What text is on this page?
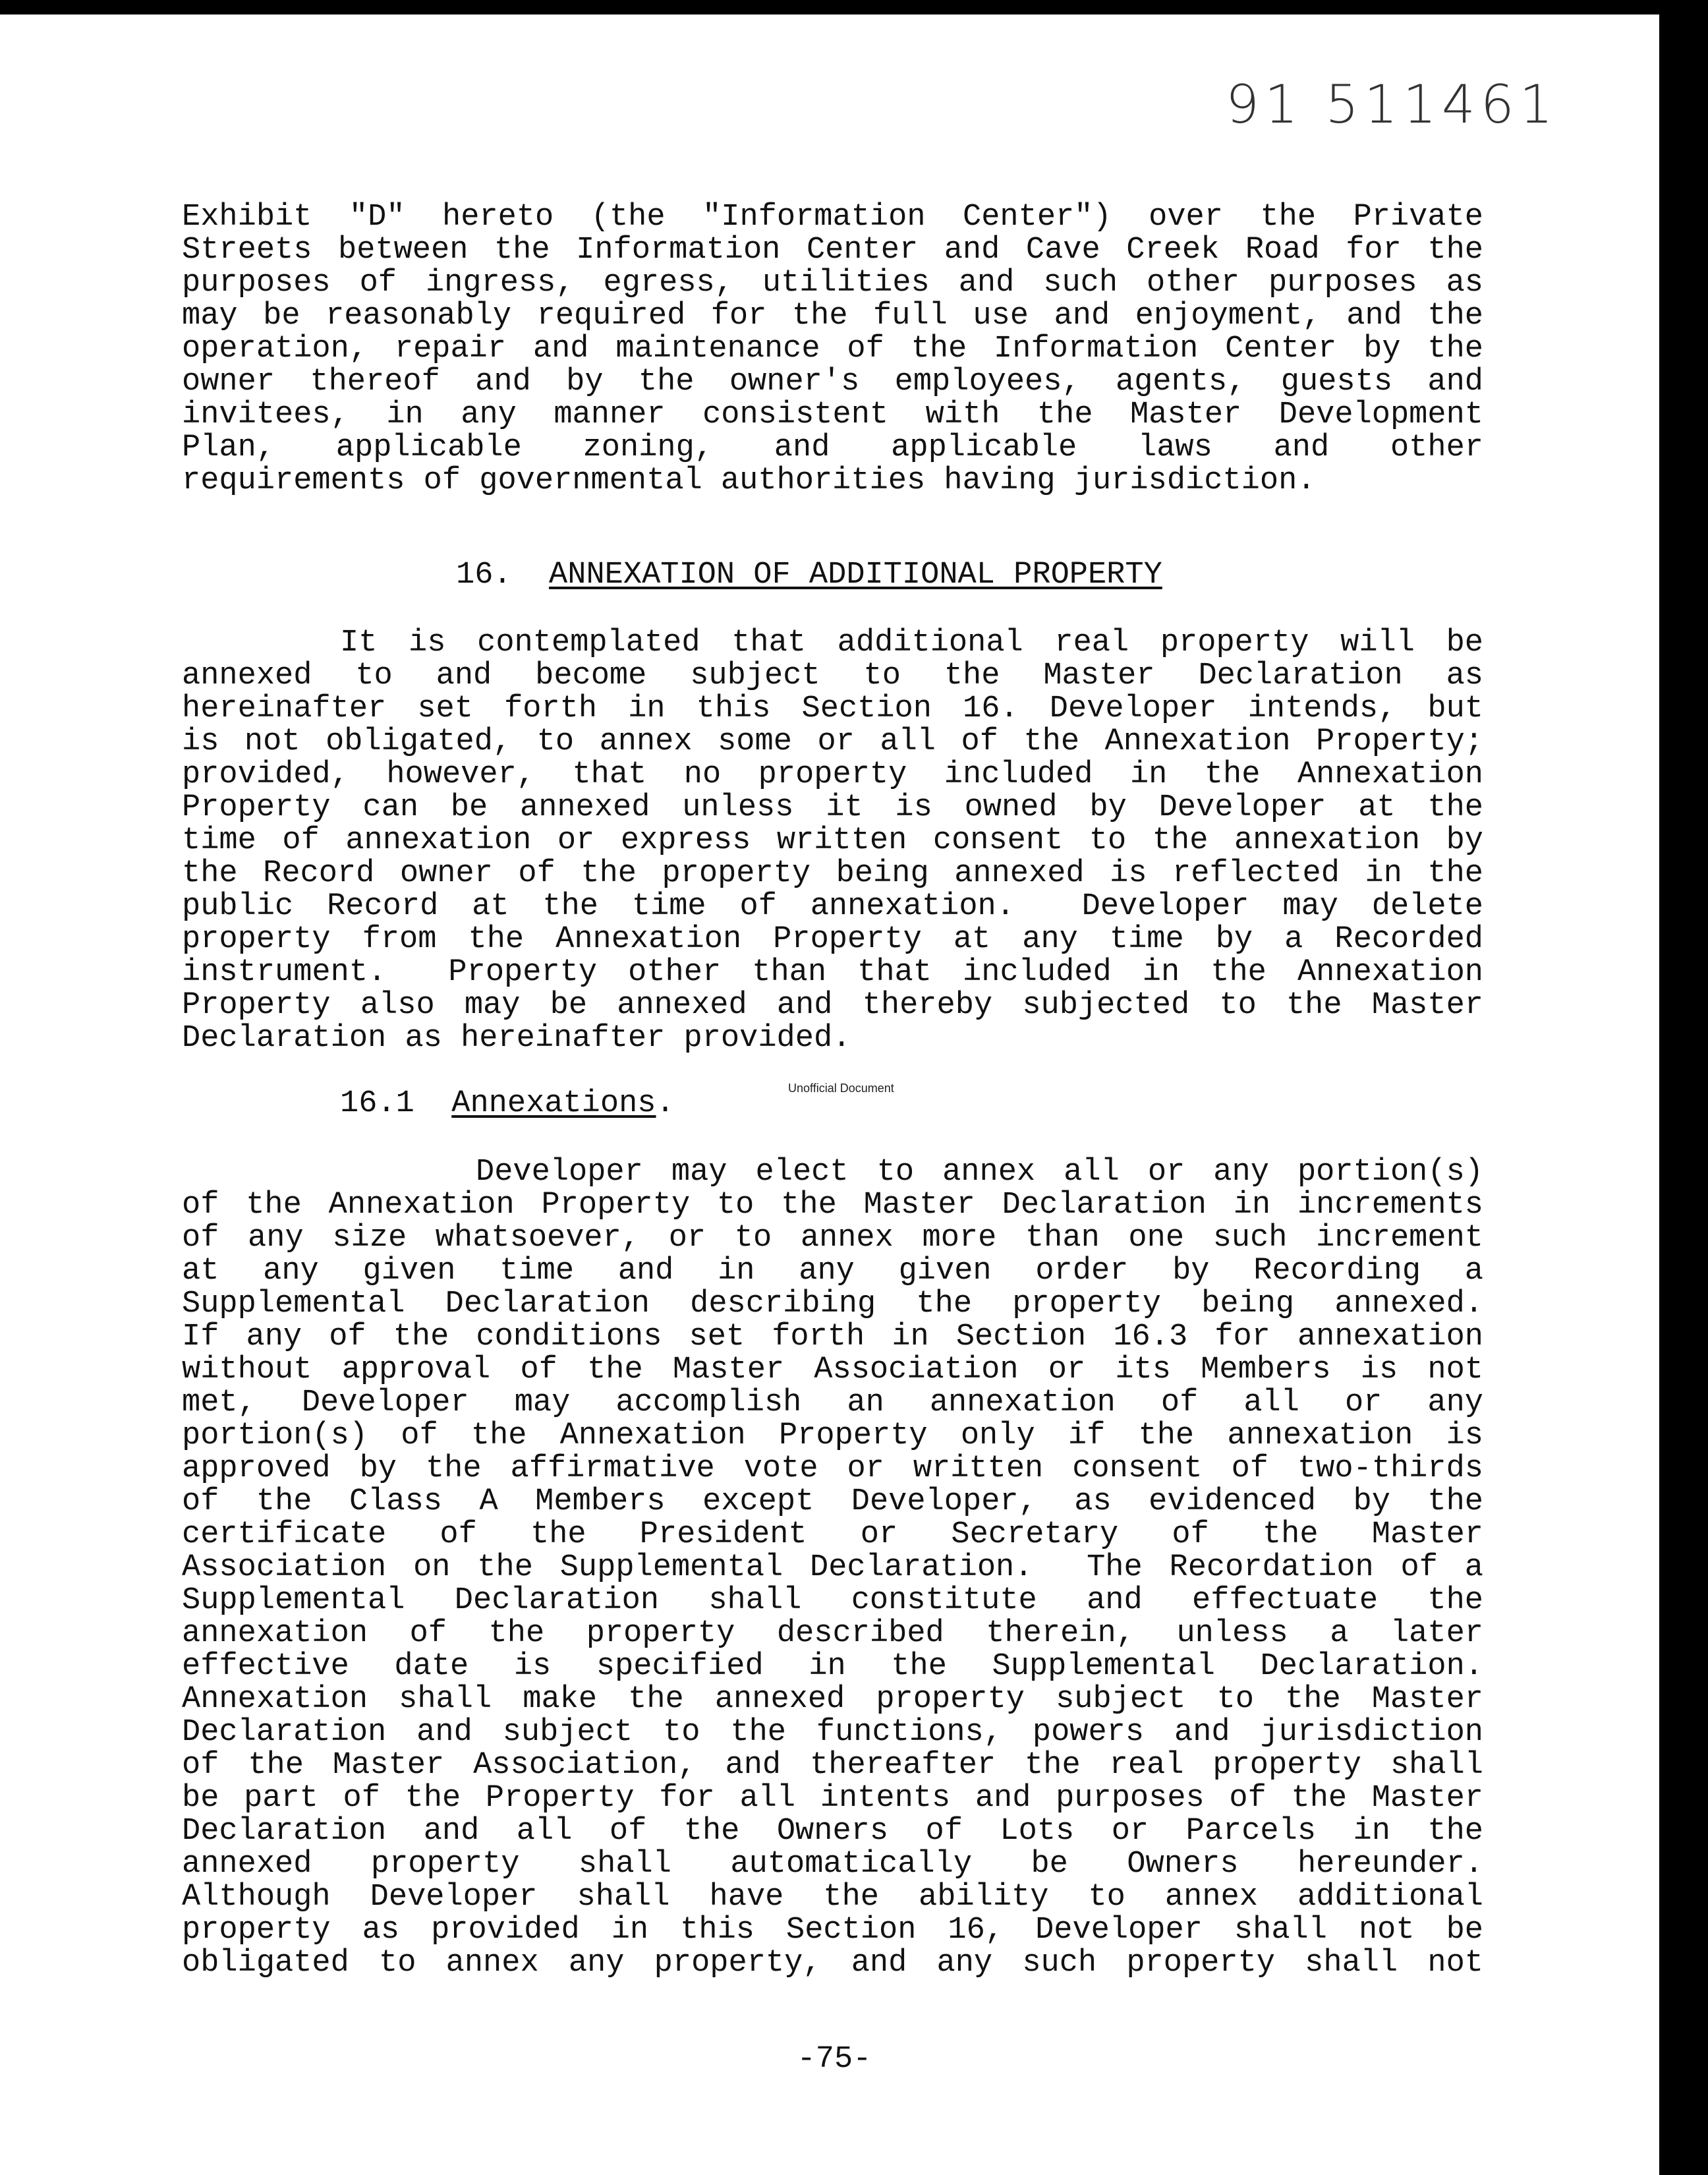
91 511461
Exhibit "D" hereto (the "Information Center") over the Private
Streets between the Information Center and Cave Creek Road for the
purposes of ingress, egress, utilities and such other purposes as
may be reasonably required for the full use and enjoyment, and the
operation, repair and maintenance of the Information Center by the
owner thereof and by the owner's employees, agents, guests and
invitees, in any manner consistent with the Master Development
Plan, applicable zoning, and applicable laws and other
requirements of governmental authorities having jurisdiction.
16. ANNEXATION OF ADDITIONAL PROPERTY
It is contemplated that additional real property will be
annexed to and become subject to the Master Declaration as
hereinafter set forth in this Section 16. Developer intends, but
is not obligated, to annex some or all of the Annexation Property;
provided, however, that no property included in the Annexation
Property can be annexed unless it is owned by Developer at the
time of annexation or express written consent to the annexation by
the Record owner of the property being annexed is reflected in the
public Record at the time of annexation.  Developer may delete
property from the Annexation Property at any time by a Recorded
instrument.  Property other than that included in the Annexation
Property also may be annexed and thereby subjected to the Master
Declaration as hereinafter provided.
16.1 Annexations.	Unofficial Document
Developer may elect to annex all or any portion(s)
of the Annexation Property to the Master Declaration in increments
of any size whatsoever, or to annex more than one such increment
at any given time and in any given order by Recording a
Supplemental Declaration describing the property being annexed.
If any of the conditions set forth in Section 16.3 for annexation
without approval of the Master Association or its Members is not
met, Developer may accomplish an annexation of all or any
portion(s) of the Annexation Property only if the annexation is
approved by the affirmative vote or written consent of two-thirds
of the Class A Members except Developer, as evidenced by the
certificate of the President or Secretary of the Master
Association on the Supplemental Declaration.  The Recordation of a
Supplemental Declaration shall constitute and effectuate the
annexation of the property described therein, unless a later
effective date is specified in the Supplemental Declaration.
Annexation shall make the annexed property subject to the Master
Declaration and subject to the functions, powers and jurisdiction
of the Master Association, and thereafter the real property shall
be part of the Property for all intents and purposes of the Master
Declaration and all of the Owners of Lots or Parcels in the
annexed property shall automatically be Owners hereunder.
Although Developer shall have the ability to annex additional
property as provided in this Section 16, Developer shall not be
obligated to annex any property, and any such property shall not
-75-
